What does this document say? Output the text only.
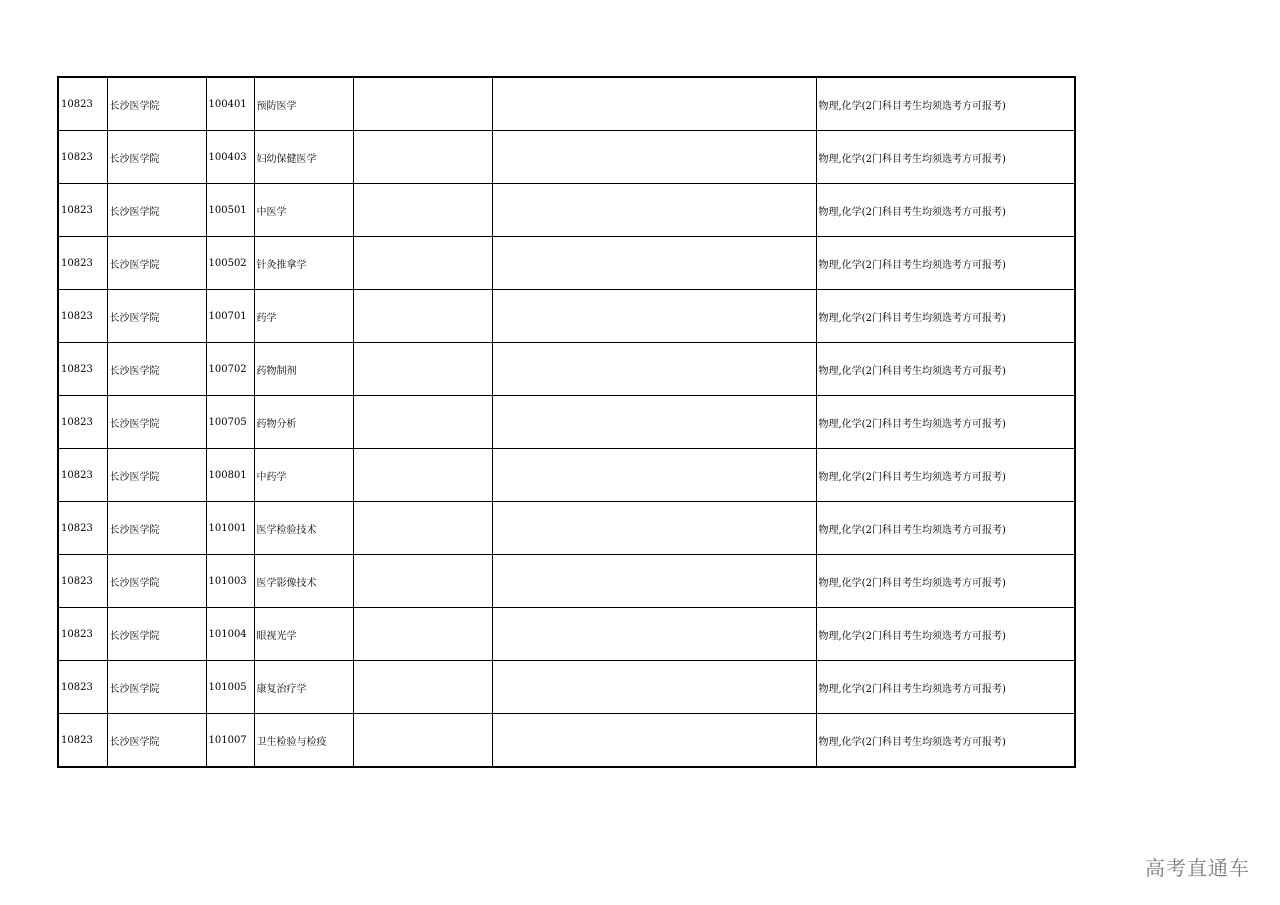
10823	长沙医学院	100401	预防医学			物理,化学(2门科目考生均须选考方可报考)
10823	长沙医学院	100403	妇幼保健医学			物理,化学(2门科目考生均须选考方可报考)
10823	长沙医学院	100501	中医学			物理,化学(2门科目考生均须选考方可报考)
10823	长沙医学院	100502	针灸推拿学			物理,化学(2门科目考生均须选考方可报考)
10823	长沙医学院	100701	药学			物理,化学(2门科目考生均须选考方可报考)
10823	长沙医学院	100702	药物制剂			物理,化学(2门科目考生均须选考方可报考)
10823	长沙医学院	100705	药物分析			物理,化学(2门科目考生均须选考方可报考)
10823	长沙医学院	100801	中药学			物理,化学(2门科目考生均须选考方可报考)
10823	长沙医学院	101001	医学检验技术			物理,化学(2门科目考生均须选考方可报考)
10823	长沙医学院	101003	医学影像技术			物理,化学(2门科目考生均须选考方可报考)
10823	长沙医学院	101004	眼视光学			物理,化学(2门科目考生均须选考方可报考)
10823	长沙医学院	101005	康复治疗学			物理,化学(2门科目考生均须选考方可报考)
10823	长沙医学院	101007	卫生检验与检疫			物理,化学(2门科目考生均须选考方可报考)
高考直通车
